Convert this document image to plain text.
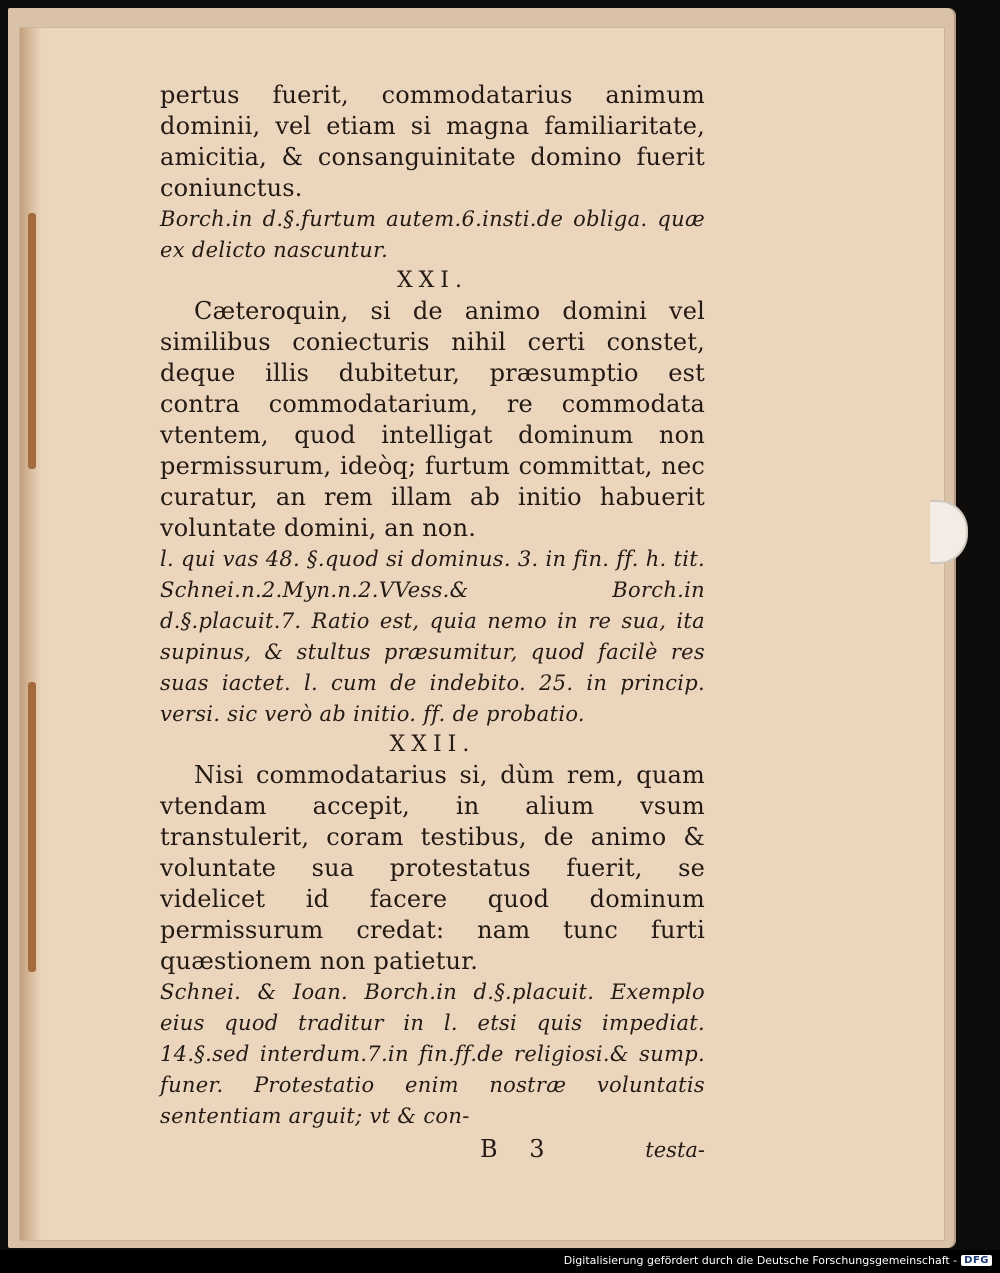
pertus fuerit, commodatarius animum dominii, vel etiam si magna familiaritate, amicitia, & consanguinitate domino fuerit coniunctus.

Borch.in d.§.furtum autem.6.insti.de obliga. quæ ex delicto nascuntur.

XXI.

Cæteroquin, si de animo domini vel similibus coniecturis nihil certi constet, deque illis dubitetur, præsumptio est contra commodatarium, re commodata vtentem, quod intelligat dominum non permissurum, ideòq; furtum committat, nec curatur, an rem illam ab initio habuerit voluntate domini, an non.

l. qui vas 48. §.quod si dominus. 3. in fin. ff. h. tit. Schnei.n.2.Myn.n.2.VVess.& Borch.in d.§.placuit.7. Ratio est, quia nemo in re sua, ita supinus, & stultus præsumitur, quod facilè res suas iactet. l. cum de indebito. 25. in princip. versi. sic verò ab initio. ff. de probatio.

XXII.

Nisi commodatarius si, dùm rem, quam vtendam accepit, in alium vsum transtulerit, coram testibus, de animo & voluntate sua protestatus fuerit, se videlicet id facere quod dominum permissurum credat: nam tunc furti quæstionem non patietur.

Schnei. & Ioan. Borch.in d.§.placuit. Exemplo eius quod traditur in l. etsi quis impediat. 14.§.sed interdum.7.in fin.ff.de religiosi.& sump. funer. Protestatio enim nostræ voluntatis sententiam arguit; vt & con-

B 3	testa-
Digitalisierung gefördert durch die Deutsche Forschungsgemeinschaft - DFG
